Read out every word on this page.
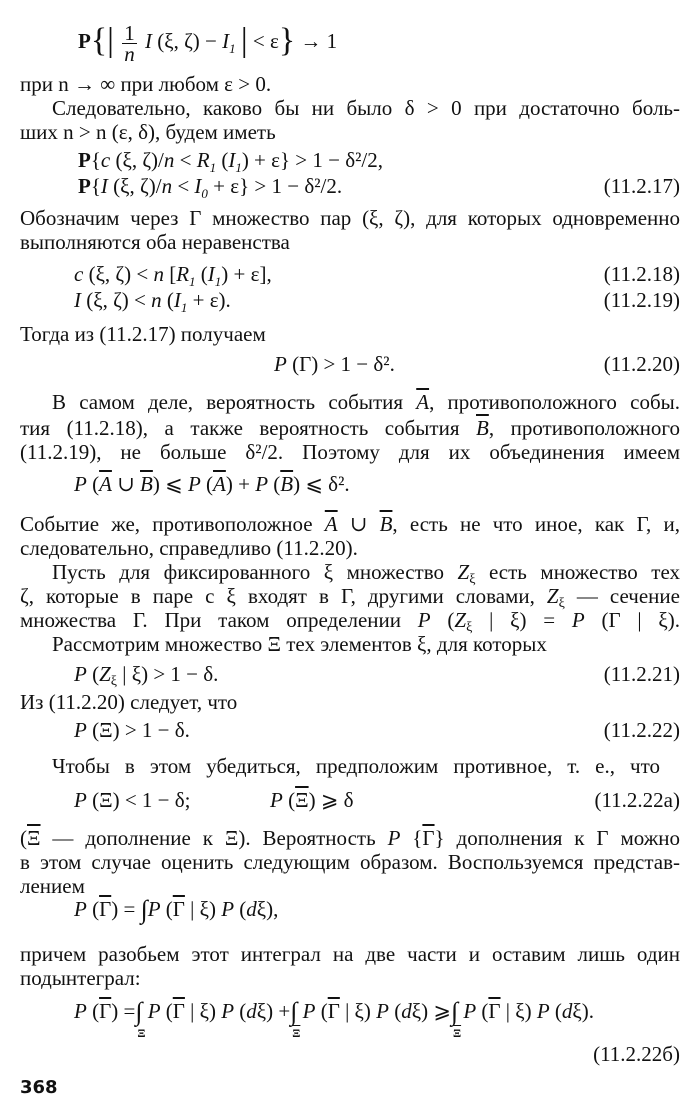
$P\{| \frac{1}{n}$ I (ξ, $\zeta) - I_1$ | < ε} → 1
при n → ∞ при любом ε > 0.
Следовательно, каково бы ни было δ > 0 при достаточно боль-
ших n > n (ε, δ), будем иметь
P{c (ξ, $\zeta)/n < R_1$ $(I_1) + \varepsilon\} > 1 - \delta^2/2$,
P{I (ξ, $\zeta)/n < I_0 + \varepsilon\} > 1 - \delta^2/2$.	(11.2.17)
Обозначим через Γ множество пар (ξ, ζ), для которых одновременно
выполняются оба неравенства
c (ξ, ζ) < n [$R_1$ $(I_1) + \varepsilon$],	(11.2.18)
I (ξ, ζ) < n $(I_1 + \varepsilon)$.	(11.2.19)
Тогда из (11.2.17) получаем
P (Γ) > 1 − δ².	(11.2.20)
В самом деле, вероятность события $\overline{A}$, противоположного собы.
тия (11.2.18), а также вероятность события $\overline{B}$, противоположного
(11.2.19), не больше δ²/2. Поэтому для их объединения имеем
P ($\overline{A}$ ∪ $\overline{B}$) ⩽ P $(\overline{A}) + P$ $(\overline{B})$ ⩽ δ².
Событие же, противоположное $\overline{A}$ ∪ $\overline{B}$, есть не что иное, как Γ, и,
следовательно, справедливо (11.2.20).
Пусть для фиксированного ξ множество Zξ есть множество тех
ζ, которые в паре с ξ входят в Γ, другими словами, Zξ — сечение
множества Γ. При таком определении P (Zξ | ξ) = P (Γ | ξ).
Рассмотрим множество Ξ тех элементов ξ, для которых
P (Zξ | ξ) > 1 − δ.	(11.2.21)
Из (11.2.20) следует, что
P (Ξ) > 1 − δ.	(11.2.22)
Чтобы в этом убедиться, предположим противное, т. е., что
P (Ξ) < 1 − δ;	P $(\overline{\Xi})$ ⩾ δ	(11.2.22a)
($\overline{\Xi}$ — дополнение к Ξ). Вероятность P $\{\overline{\Gamma}\}$ дополнения к Γ можно
в этом случае оценить следующим образом. Воспользуемся представ-
лением
P $(\overline{\Gamma}) = \int P$ ($\overline{\Gamma}$ | ξ) P (dξ),
причем разобьем этот интеграл на две части и оставим лишь один
подынтеграл:
P $(\overline{\Gamma})$ =∫
Ξ
P ($\overline{\Gamma}$ | ξ) P (dξ) +∫
$\overline{\Xi}$
P ($\overline{\Gamma}$ | ξ) P (dξ) ⩾∫
$\overline{\Xi}$
P ($\overline{\Gamma}$ | ξ) P (dξ).
(11.2.22б)
368
